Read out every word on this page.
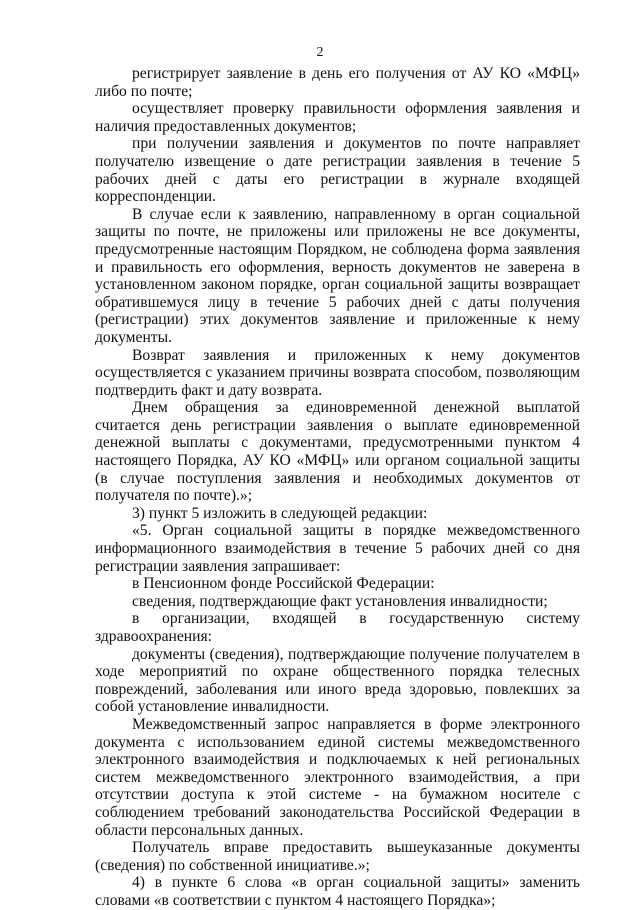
2

регистрирует заявление в день его получения от АУ КО «МФЦ» либо по почте;

осуществляет проверку правильности оформления заявления и наличия предоставленных документов;

при получении заявления и документов по почте направляет получателю извещение о дате регистрации заявления в течение 5 рабочих дней с даты его регистрации в журнале входящей корреспонденции.

В случае если к заявлению, направленному в орган социальной защиты по почте, не приложены или приложены не все документы, предусмотренные настоящим Порядком, не соблюдена форма заявления и правильность его оформления, верность документов не заверена в установленном законом порядке, орган социальной защиты возвращает обратившемуся лицу в течение 5 рабочих дней с даты получения (регистрации) этих документов заявление и приложенные к нему документы.

Возврат заявления и приложенных к нему документов осуществляется с указанием причины возврата способом, позволяющим подтвердить факт и дату возврата.

Днем обращения за единовременной денежной выплатой считается день регистрации заявления о выплате единовременной денежной выплаты с документами, предусмотренными пунктом 4 настоящего Порядка, АУ КО «МФЦ» или органом социальной защиты (в случае поступления заявления и необходимых документов от получателя по почте).»;

3) пункт 5 изложить в следующей редакции:

«5. Орган социальной защиты в порядке межведомственного информационного взаимодействия в течение 5 рабочих дней со дня регистрации заявления запрашивает:

в Пенсионном фонде Российской Федерации:

сведения, подтверждающие факт установления инвалидности;

в организации, входящей в государственную систему здравоохранения:

документы (сведения), подтверждающие получение получателем в ходе мероприятий по охране общественного порядка телесных повреждений, заболевания или иного вреда здоровью, повлекших за собой установление инвалидности.

Межведомственный запрос направляется в форме электронного документа с использованием единой системы межведомственного электронного взаимодействия и подключаемых к ней региональных систем межведомственного электронного взаимодействия, а при отсутствии доступа к этой системе - на бумажном носителе с соблюдением требований законодательства Российской Федерации в области персональных данных.

Получатель вправе предоставить вышеуказанные документы (сведения) по собственной инициативе.»;

4) в пункте 6 слова «в орган социальной защиты» заменить словами «в соответствии с пунктом 4 настоящего Порядка»;
